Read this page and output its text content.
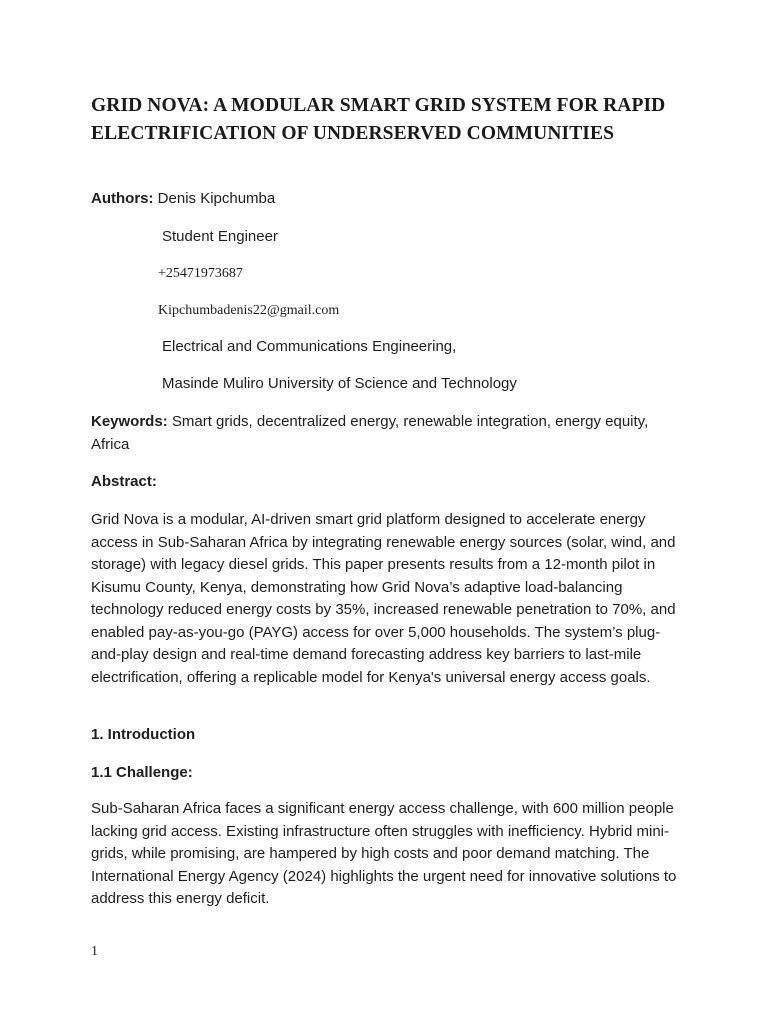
GRID NOVA: A MODULAR SMART GRID SYSTEM FOR RAPID ELECTRIFICATION OF UNDERSERVED COMMUNITIES

Authors: Denis Kipchumba

Student Engineer

+25471973687

Kipchumbadenis22@gmail.com

Electrical and Communications Engineering,

Masinde Muliro University of Science and Technology

Keywords: Smart grids, decentralized energy, renewable integration, energy equity, Africa

Abstract:

Grid Nova is a modular, AI-driven smart grid platform designed to accelerate energy access in Sub-Saharan Africa by integrating renewable energy sources (solar, wind, and storage) with legacy diesel grids. This paper presents results from a 12-month pilot in Kisumu County, Kenya, demonstrating how Grid Nova’s adaptive load-balancing technology reduced energy costs by 35%, increased renewable penetration to 70%, and enabled pay-as-you-go (PAYG) access for over 5,000 households. The system’s plug-and-play design and real-time demand forecasting address key barriers to last-mile electrification, offering a replicable model for Kenya's universal energy access goals.

1. Introduction

1.1 Challenge:

Sub-Saharan Africa faces a significant energy access challenge, with 600 million people lacking grid access. Existing infrastructure often struggles with inefficiency. Hybrid mini-grids, while promising, are hampered by high costs and poor demand matching. The International Energy Agency (2024) highlights the urgent need for innovative solutions to address this energy deficit.

1
